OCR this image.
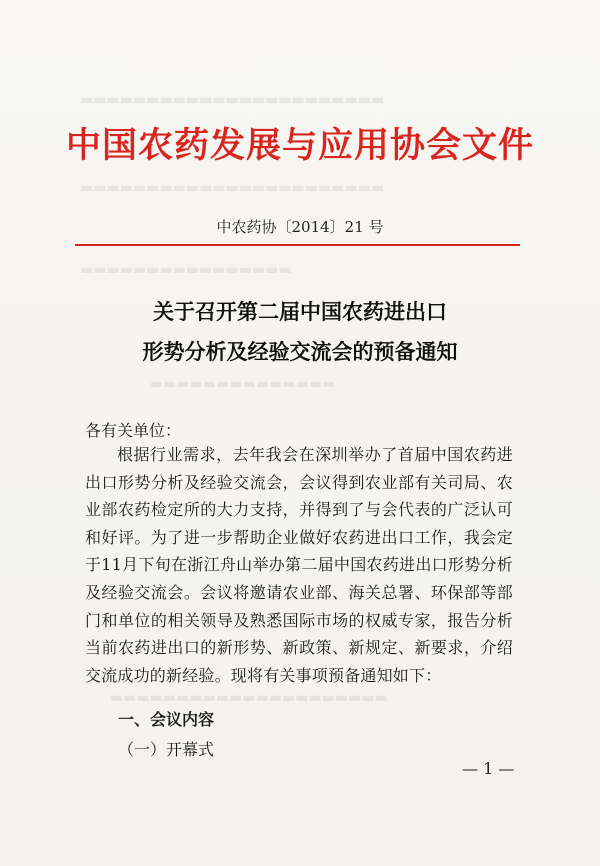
▬▬▬▬▬▬▬▬▬▬▬▬▬▬▬▬▬▬▬▬▬▬▬
▬▬▬▬▬▬▬▬▬▬▬▬▬▬▬▬▬▬▬▬▬▬▬
▬▬▬▬▬▬▬▬▬▬▬▬▬▬▬▬
▬▬▬▬▬▬▬▬▬▬▬▬▬▬
▬▬▬▬▬▬▬▬▬▬▬▬▬▬▬▬▬▬▬▬▬
中国农药发展与应用协会文件
中农药协〔2014〕21 号
关于召开第二届中国农药进出口
形势分析及经验交流会的预备通知
各有关单位：
根据行业需求，去年我会在深圳举办了首届中国农药进出口形势分析及经验交流会，会议得到农业部有关司局、农业部农药检定所的大力支持，并得到了与会代表的广泛认可和好评。为了进一步帮助企业做好农药进出口工作，我会定于11月下旬在浙江舟山举办第二届中国农药进出口形势分析及经验交流会。会议将邀请农业部、海关总署、环保部等部门和单位的相关领导及熟悉国际市场的权威专家，报告分析当前农药进出口的新形势、新政策、新规定、新要求，介绍交流成功的新经验。现将有关事项预备通知如下：
一、会议内容
（一）开幕式
— 1 —
